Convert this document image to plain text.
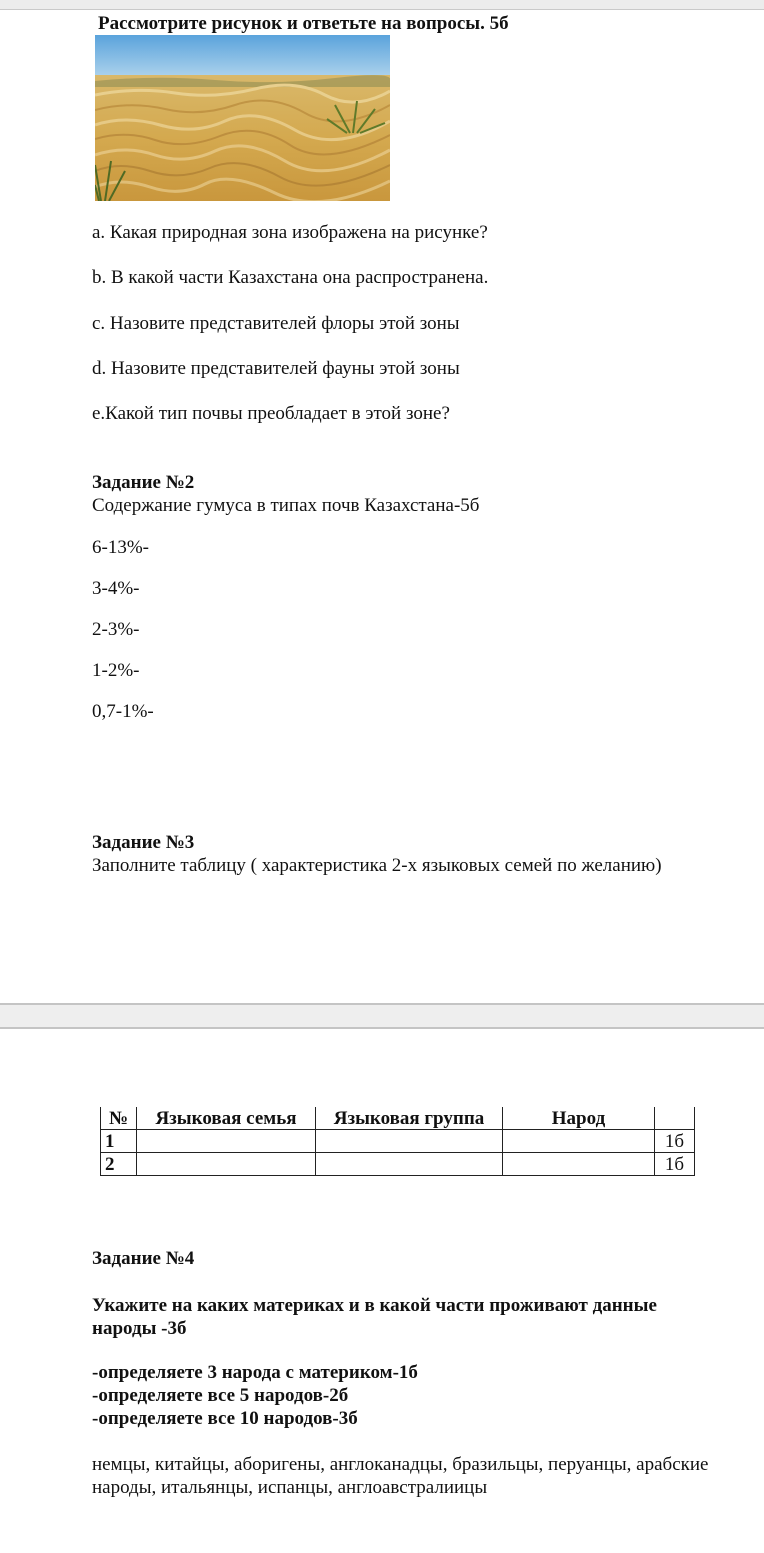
Рассмотрите рисунок и ответьте на вопросы. 5б
a. Какая природная зона изображена на рисунке?
b. В какой части Казахстана она распространена.
c. Назовите представителей флоры этой зоны
d. Назовите представителей фауны этой зоны
e.Какой тип почвы преобладает в этой зоне?
Задание №2
Содержание гумуса в типах почв Казахстана-5б
6-13%-
3-4%-
2-3%-
1-2%-
0,7-1%-
Задание №3
Заполните таблицу ( характеристика 2-х языковых семей по желанию)
№	Языковая семья	Языковая группа	Народ	
1				1б
2				1б
Задание №4
Укажите на каких материках и в какой части проживают данные
народы -3б
-определяете 3 народа с материком-1б
-определяете все 5 народов-2б
-определяете все 10 народов-3б
немцы, китайцы, аборигены, англоканадцы, бразильцы, перуанцы, арабские
народы, итальянцы, испанцы, англоавстралиицы
